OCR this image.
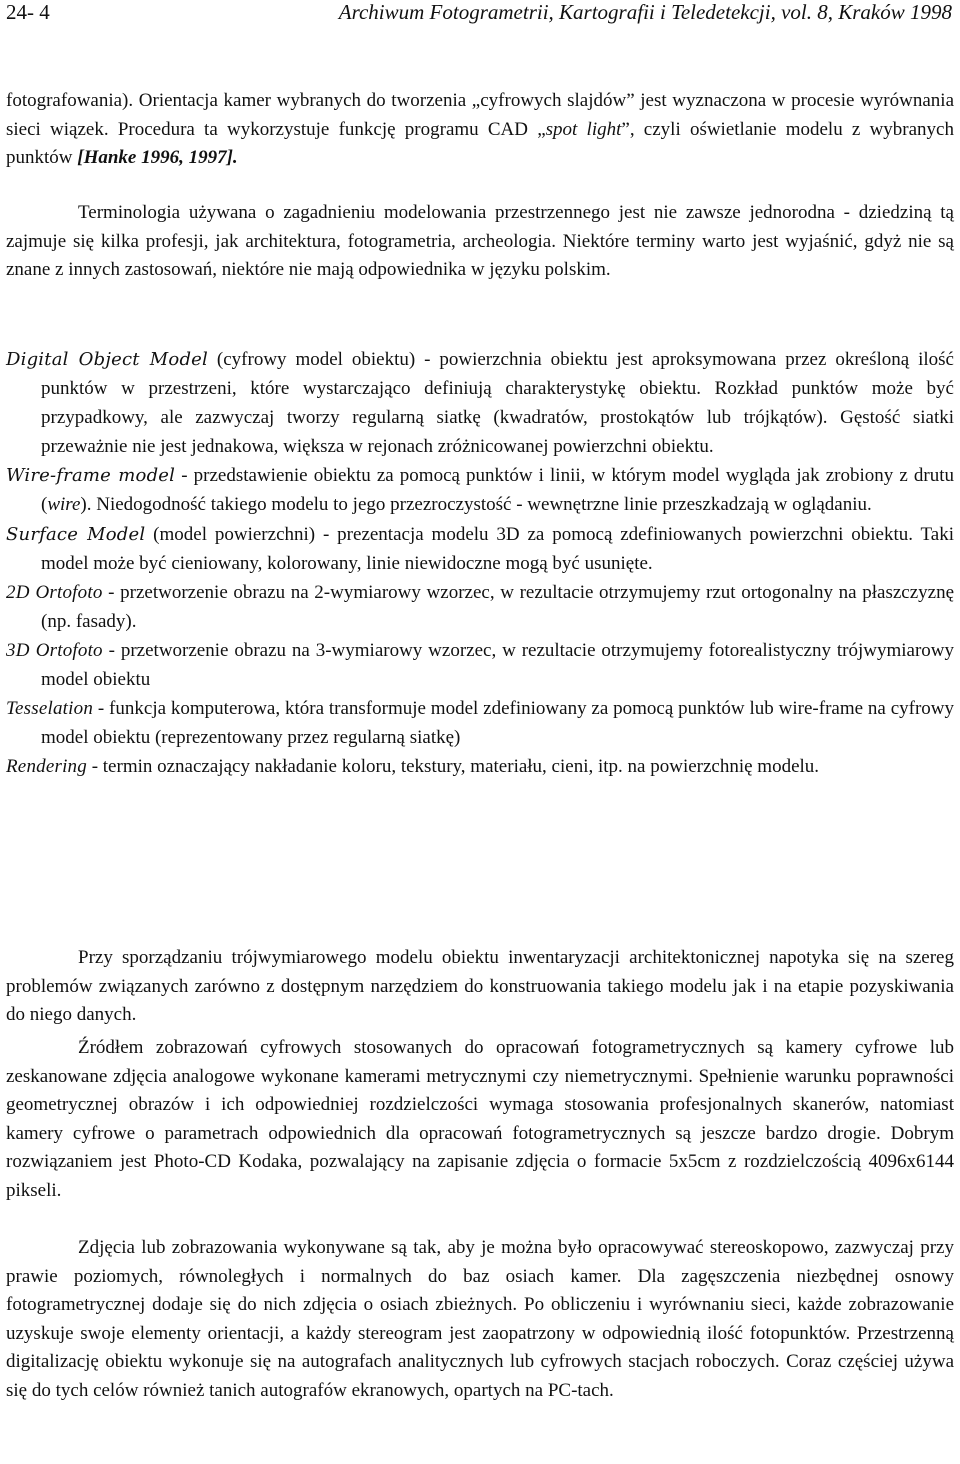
24- 4	Archiwum Fotogrametrii, Kartografii i Teledetekcji, vol. 8, Kraków 1998

fotografowania). Orientacja kamer wybranych do tworzenia „cyfrowych slajdów” jest wyznaczona w procesie wyrównania sieci wiązek. Procedura ta wykorzystuje funkcję programu CAD „spot light”, czyli oświetlanie modelu z wybranych punktów [Hanke 1996, 1997].

Terminologia używana o zagadnieniu modelowania przestrzennego jest nie zawsze jednorodna - dziedziną tą zajmuje się kilka profesji, jak architektura, fotogrametria, archeologia. Niektóre terminy warto jest wyjaśnić, gdyż nie są znane z innych zastosowań, niektóre nie mają odpowiednika w języku polskim.

Digital Object Model (cyfrowy model obiektu) - powierzchnia obiektu jest aproksymowana przez określoną ilość punktów w przestrzeni, które wystarczająco definiują charakterystykę obiektu. Rozkład punktów może być przypadkowy, ale zazwyczaj tworzy regularną siatkę (kwadratów, prostokątów lub trójkątów). Gęstość siatki przeważnie nie jest jednakowa, większa w rejonach zróżnicowanej powierzchni obiektu.

Wire-frame model - przedstawienie obiektu za pomocą punktów i linii, w którym model wygląda jak zrobiony z drutu (wire). Niedogodność takiego modelu to jego przezroczystość - wewnętrzne linie przeszkadzają w oglądaniu.

Surface Model (model powierzchni) - prezentacja modelu 3D za pomocą zdefiniowanych powierzchni obiektu. Taki model może być cieniowany, kolorowany, linie niewidoczne mogą być usunięte.

2D Ortofoto - przetworzenie obrazu na 2-wymiarowy wzorzec, w rezultacie otrzymujemy rzut ortogonalny na płaszczyznę (np. fasady).

3D Ortofoto - przetworzenie obrazu na 3-wymiarowy wzorzec, w rezultacie otrzymujemy fotorealistyczny trójwymiarowy model obiektu

Tesselation - funkcja komputerowa, która transformuje model zdefiniowany za pomocą punktów lub wire-frame na cyfrowy model obiektu (reprezentowany przez regularną siatkę)

Rendering - termin oznaczający nakładanie koloru, tekstury, materiału, cieni, itp. na powierzchnię modelu.

Przy sporządzaniu trójwymiarowego modelu obiektu inwentaryzacji architektonicznej napotyka się na szereg problemów związanych zarówno z dostępnym narzędziem do konstruowania takiego modelu jak i na etapie pozyskiwania do niego danych.

Źródłem zobrazowań cyfrowych stosowanych do opracowań fotogrametrycznych są kamery cyfrowe lub zeskanowane zdjęcia analogowe wykonane kamerami metrycznymi czy niemetrycznymi. Spełnienie warunku poprawności geometrycznej obrazów i ich odpowiedniej rozdzielczości wymaga stosowania profesjonalnych skanerów, natomiast kamery cyfrowe o parametrach odpowiednich dla opracowań fotogrametrycznych są jeszcze bardzo drogie. Dobrym rozwiązaniem jest Photo-CD Kodaka, pozwalający na zapisanie zdjęcia o formacie 5x5cm z rozdzielczością 4096x6144 pikseli.

Zdjęcia lub zobrazowania wykonywane są tak, aby je można było opracowywać stereoskopowo, zazwyczaj przy prawie poziomych, równoległych i normalnych do baz osiach kamer. Dla zagęszczenia niezbędnej osnowy fotogrametrycznej dodaje się do nich zdjęcia o osiach zbieżnych. Po obliczeniu i wyrównaniu sieci, każde zobrazowanie uzyskuje swoje elementy orientacji, a każdy stereogram jest zaopatrzony w odpowiednią ilość fotopunktów. Przestrzenną digitalizację obiektu wykonuje się na autografach analitycznych lub cyfrowych stacjach roboczych. Coraz częściej używa się do tych celów również tanich autografów ekranowych, opartych na PC-tach.
